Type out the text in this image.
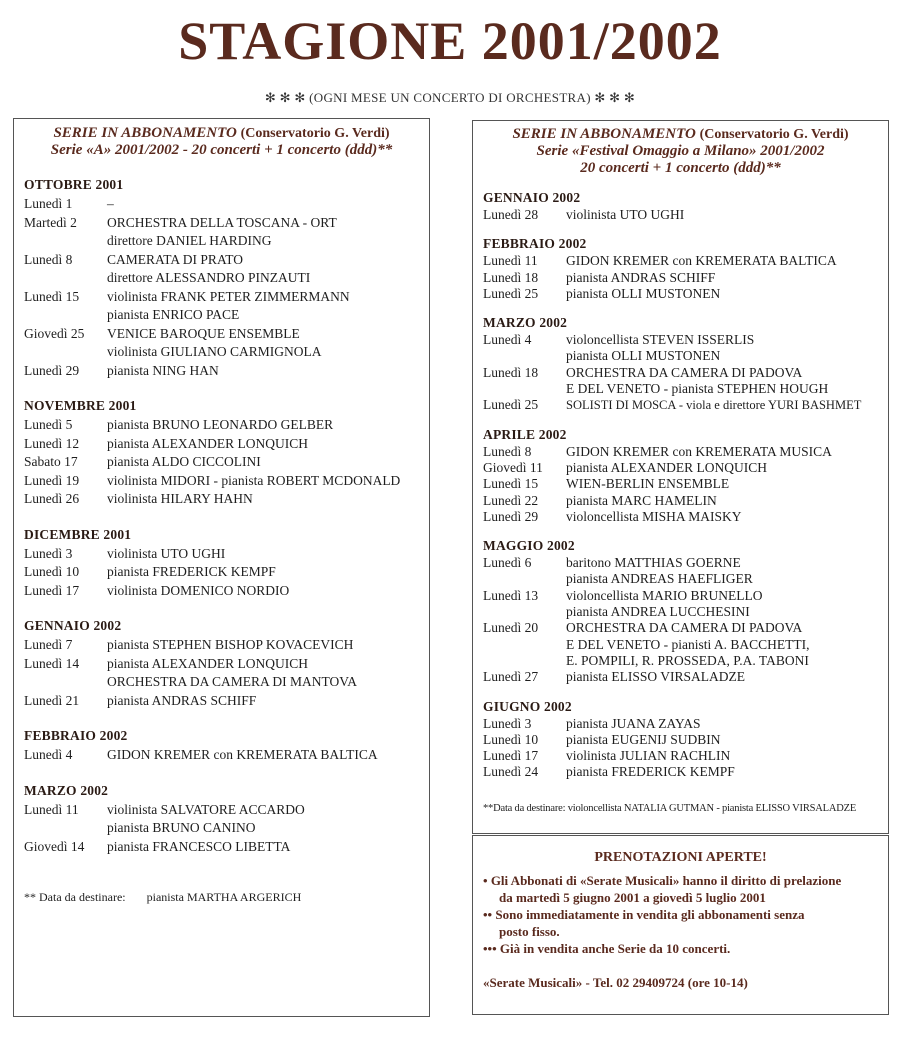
STAGIONE 2001/2002
✻ ✻ ✻ (OGNI MESE UN CONCERTO DI ORCHESTRA) ✻ ✻ ✻
SERIE IN ABBONAMENTO (Conservatorio G. Verdi)
Serie «A» 2001/2002 - 20 concerti + 1 concerto (ddd)**
OTTOBRE 2001
Lunedì 1	–
Martedì 2	ORCHESTRA DELLA TOSCANA - ORT
direttore DANIEL HARDING
Lunedì 8	CAMERATA DI PRATO
direttore ALESSANDRO PINZAUTI
Lunedì 15	violinista FRANK PETER ZIMMERMANN
pianista ENRICO PACE
Giovedì 25	VENICE BAROQUE ENSEMBLE
violinista GIULIANO CARMIGNOLA
Lunedì 29	pianista NING HAN
NOVEMBRE 2001
Lunedì 5	pianista BRUNO LEONARDO GELBER
Lunedì 12	pianista ALEXANDER LONQUICH
Sabato 17	pianista ALDO CICCOLINI
Lunedì 19	violinista MIDORI - pianista ROBERT MCDONALD
Lunedì 26	violinista HILARY HAHN
DICEMBRE 2001
Lunedì 3	violinista UTO UGHI
Lunedì 10	pianista FREDERICK KEMPF
Lunedì 17	violinista DOMENICO NORDIO
GENNAIO 2002
Lunedì 7	pianista STEPHEN BISHOP KOVACEVICH
Lunedì 14	pianista ALEXANDER LONQUICH
ORCHESTRA DA CAMERA DI MANTOVA
Lunedì 21	pianista ANDRAS SCHIFF
FEBBRAIO 2002
Lunedì 4	GIDON KREMER con KREMERATA BALTICA
MARZO 2002
Lunedì 11	violinista SALVATORE ACCARDO
pianista BRUNO CANINO
Giovedì 14	pianista FRANCESCO LIBETTA
** Data da destinare: pianista MARTHA ARGERICH
SERIE IN ABBONAMENTO (Conservatorio G. Verdi)
Serie «Festival Omaggio a Milano» 2001/2002
20 concerti + 1 concerto (ddd)**
GENNAIO 2002
Lunedì 28	violinista UTO UGHI
FEBBRAIO 2002
Lunedì 11	GIDON KREMER con KREMERATA BALTICA
Lunedì 18	pianista ANDRAS SCHIFF
Lunedì 25	pianista OLLI MUSTONEN
MARZO 2002
Lunedì 4	violoncellista STEVEN ISSERLIS
pianista OLLI MUSTONEN
Lunedì 18	ORCHESTRA DA CAMERA DI PADOVA
E DEL VENETO - pianista STEPHEN HOUGH
Lunedì 25	SOLISTI DI MOSCA - viola e direttore YURI BASHMET
APRILE 2002
Lunedì 8	GIDON KREMER con KREMERATA MUSICA
Giovedì 11	pianista ALEXANDER LONQUICH
Lunedì 15	WIEN-BERLIN ENSEMBLE
Lunedì 22	pianista MARC HAMELIN
Lunedì 29	violoncellista MISHA MAISKY
MAGGIO 2002
Lunedì 6	baritono MATTHIAS GOERNE
pianista ANDREAS HAEFLIGER
Lunedì 13	violoncellista MARIO BRUNELLO
pianista ANDREA LUCCHESINI
Lunedì 20	ORCHESTRA DA CAMERA DI PADOVA
E DEL VENETO - pianisti A. BACCHETTI,
E. POMPILI, R. PROSSEDA, P.A. TABONI
Lunedì 27	pianista ELISSO VIRSALADZE
GIUGNO 2002
Lunedì 3	pianista JUANA ZAYAS
Lunedì 10	pianista EUGENIJ SUDBIN
Lunedì 17	violinista JULIAN RACHLIN
Lunedì 24	pianista FREDERICK KEMPF
**Data da destinare: violoncellista NATALIA GUTMAN - pianista ELISSO VIRSALADZE
PRENOTAZIONI APERTE!
• Gli Abbonati di «Serate Musicali» hanno il diritto di prelazione
da martedì 5 giugno 2001 a giovedì 5 luglio 2001
•• Sono immediatamente in vendita gli abbonamenti senza
posto fisso.
••• Già in vendita anche Serie da 10 concerti.
«Serate Musicali» - Tel. 02 29409724 (ore 10-14)
